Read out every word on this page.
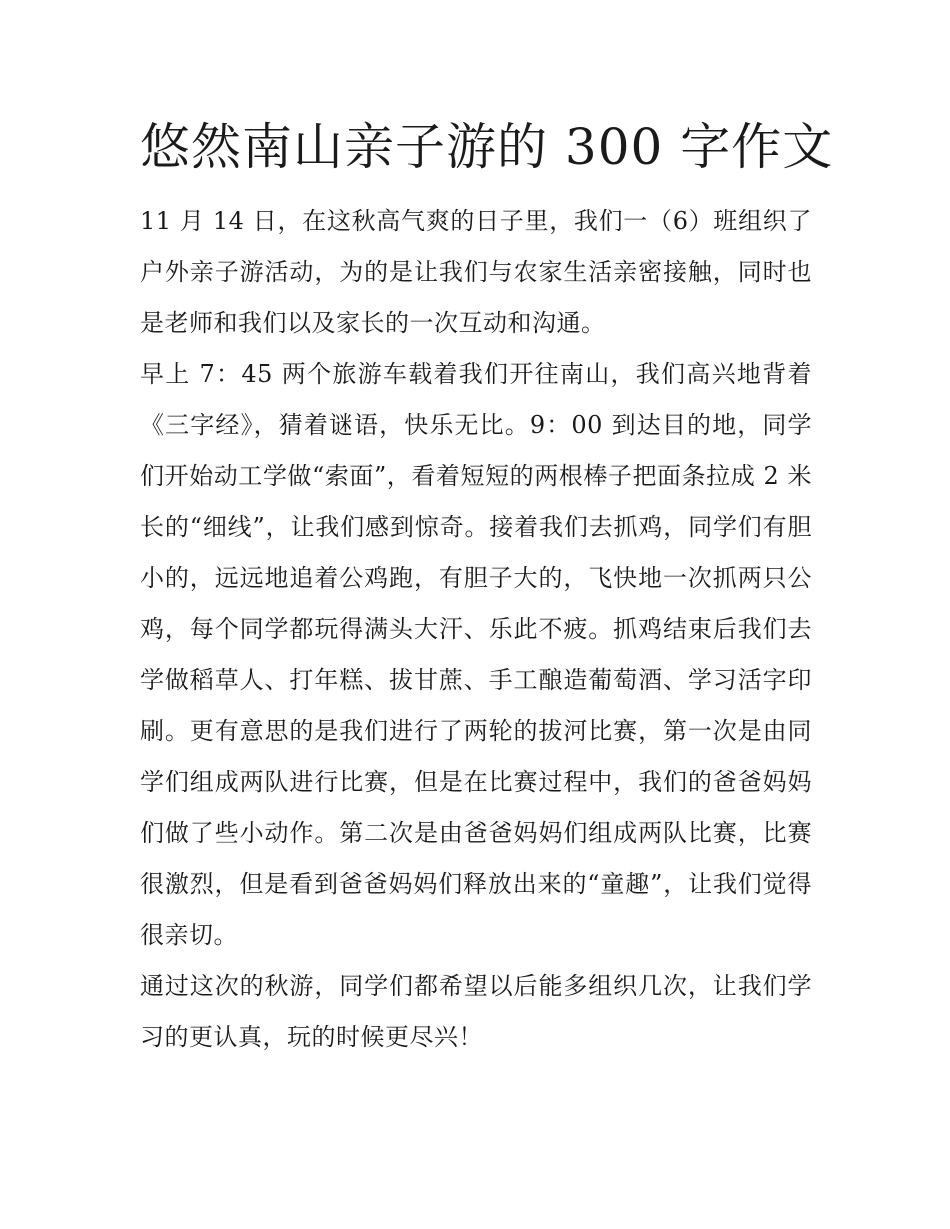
悠然南山亲子游的 300 字作文

11 月 14 日，在这秋高气爽的日子里，我们一（6）班组织了户外亲子游活动，为的是让我们与农家生活亲密接触，同时也是老师和我们以及家长的一次互动和沟通。

早上 7：45 两个旅游车载着我们开往南山，我们高兴地背着《三字经》，猜着谜语，快乐无比。9：00 到达目的地，同学们开始动工学做“索面”，看着短短的两根棒子把面条拉成 2 米长的“细线”，让我们感到惊奇。接着我们去抓鸡，同学们有胆小的，远远地追着公鸡跑，有胆子大的，飞快地一次抓两只公鸡，每个同学都玩得满头大汗、乐此不疲。抓鸡结束后我们去学做稻草人、打年糕、拔甘蔗、手工酿造葡萄酒、学习活字印刷。更有意思的是我们进行了两轮的拔河比赛，第一次是由同学们组成两队进行比赛，但是在比赛过程中，我们的爸爸妈妈们做了些小动作。第二次是由爸爸妈妈们组成两队比赛，比赛很激烈，但是看到爸爸妈妈们释放出来的“童趣”，让我们觉得很亲切。

通过这次的秋游，同学们都希望以后能多组织几次，让我们学习的更认真，玩的时候更尽兴！
